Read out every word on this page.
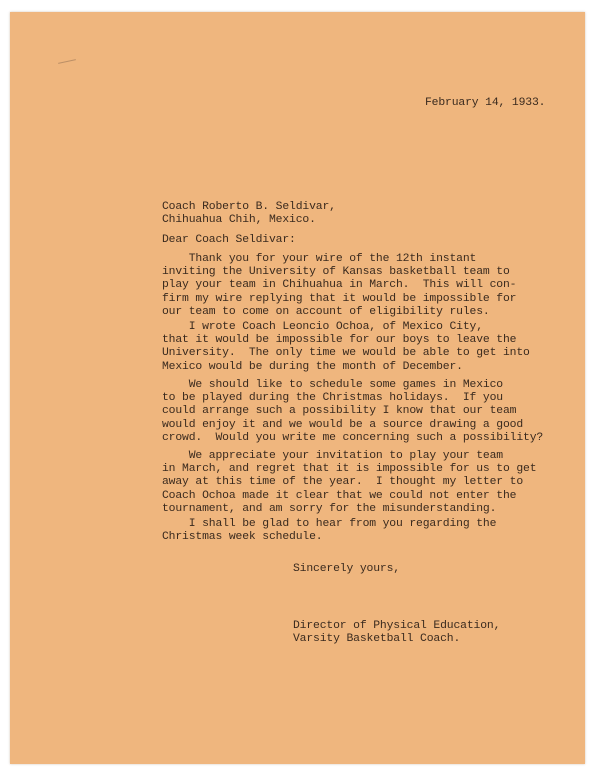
February 14, 1933.
Coach Roberto B. Seldivar,
Chihuahua Chih, Mexico.
Dear Coach Seldivar:
Thank you for your wire of the 12th instant
inviting the University of Kansas basketball team to
play your team in Chihuahua in March.  This will con-
firm my wire replying that it would be impossible for
our team to come on account of eligibility rules.
I wrote Coach Leoncio Ochoa, of Mexico City,
that it would be impossible for our boys to leave the
University.  The only time we would be able to get into
Mexico would be during the month of December.
We should like to schedule some games in Mexico
to be played during the Christmas holidays.  If you
could arrange such a possibility I know that our team
would enjoy it and we would be a source drawing a good
crowd.  Would you write me concerning such a possibility?
We appreciate your invitation to play your team
in March, and regret that it is impossible for us to get
away at this time of the year.  I thought my letter to
Coach Ochoa made it clear that we could not enter the
tournament, and am sorry for the misunderstanding.
I shall be glad to hear from you regarding the
Christmas week schedule.
Sincerely yours,
Director of Physical Education,
Varsity Basketball Coach.
